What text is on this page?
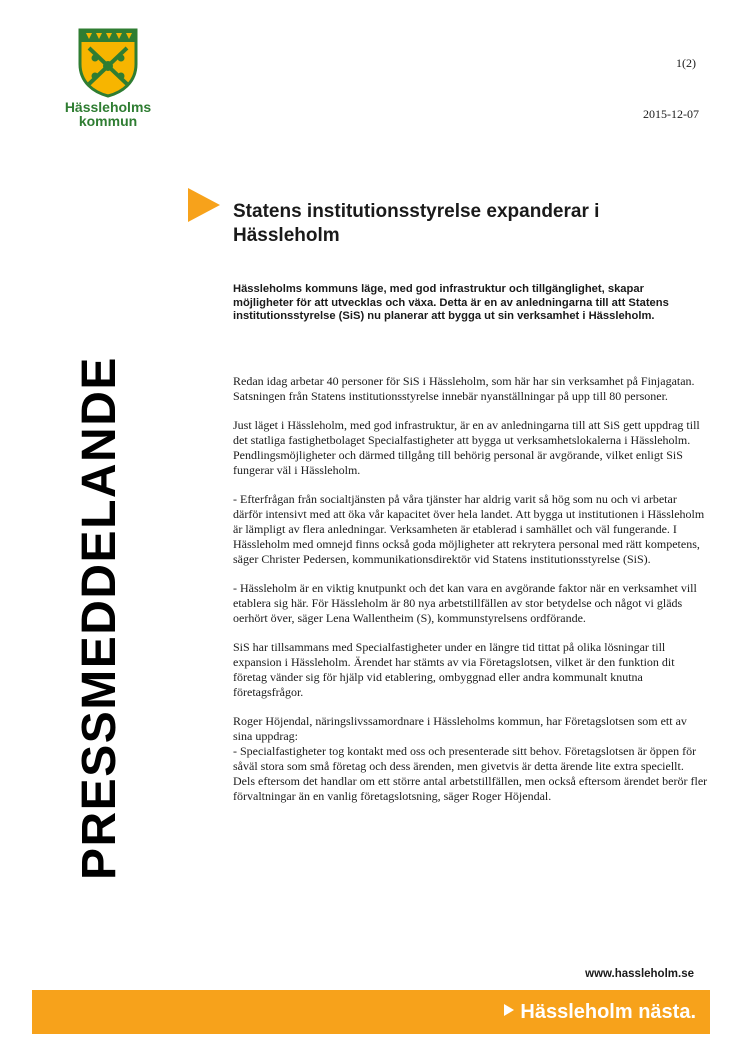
Hässleholms
kommun
1(2)
2015-12-07
PRESSMEDDELANDE
Statens institutionsstyrelse expanderar i Hässleholm

Hässleholms kommuns läge, med god infrastruktur och tillgänglighet, skapar möjligheter för att utvecklas och växa. Detta är en av anledningarna till att Statens institutionsstyrelse (SiS) nu planerar att bygga ut sin verksamhet i Hässleholm.

Redan idag arbetar 40 personer för SiS i Hässleholm, som här har sin verksamhet på Finjagatan. Satsningen från Statens institutionsstyrelse innebär nyanställningar på upp till 80 personer.

Just läget i Hässleholm, med god infrastruktur, är en av anledningarna till att SiS gett uppdrag till det statliga fastighetbolaget Specialfastigheter att bygga ut verksamhetslokalerna i Hässleholm. Pendlingsmöjligheter och därmed tillgång till behörig personal är avgörande, vilket enligt SiS fungerar väl i Hässleholm.

- Efterfrågan från socialtjänsten på våra tjänster har aldrig varit så hög som nu och vi arbetar därför intensivt med att öka vår kapacitet över hela landet. Att bygga ut institutionen i Hässleholm är lämpligt av flera anledningar. Verksamheten är etablerad i samhället och väl fungerande. I Hässleholm med omnejd finns också goda möjligheter att rekrytera personal med rätt kompetens, säger Christer Pedersen, kommunikationsdirektör vid Statens institutionsstyrelse (SiS).

- Hässleholm är en viktig knutpunkt och det kan vara en avgörande faktor när en verksamhet vill etablera sig här. För Hässleholm är 80 nya arbetstillfällen av stor betydelse och något vi gläds oerhört över, säger Lena Wallentheim (S), kommunstyrelsens ordförande.

SiS har tillsammans med Specialfastigheter under en längre tid tittat på olika lösningar till expansion i Hässleholm. Ärendet har stämts av via Företagslotsen, vilket är den funktion dit företag vänder sig för hjälp vid etablering, ombyggnad eller andra kommunalt knutna företagsfrågor.

Roger Höjendal, näringslivssamordnare i Hässleholms kommun, har Företagslotsen som ett av sina uppdrag:
- Specialfastigheter tog kontakt med oss och presenterade sitt behov. Företagslotsen är öppen för såväl stora som små företag och dess ärenden, men givetvis är detta ärende lite extra speciellt. Dels eftersom det handlar om ett större antal arbetstillfällen, men också eftersom ärendet berör fler förvaltningar än en vanlig företagslotsning, säger Roger Höjendal.

www.hassleholm.se
Hässleholm nästa.
